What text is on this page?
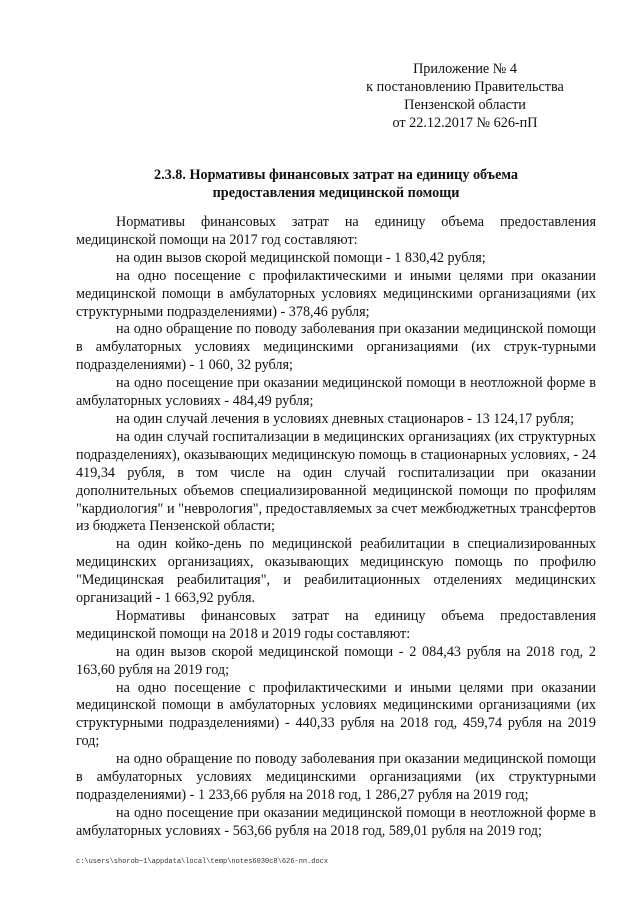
Приложение № 4
к постановлению Правительства
Пензенской области
от 22.12.2017 № 626-пП
2.3.8. Нормативы финансовых затрат на единицу объема
предоставления медицинской помощи

Нормативы финансовых затрат на единицу объема предоставления медицинской помощи на 2017 год составляют:

на один вызов скорой медицинской помощи - 1 830,42 рубля;

на одно посещение с профилактическими и иными целями при оказании медицинской помощи в амбулаторных условиях медицинскими организациями (их структурными подразделениями) - 378,46 рубля;

на одно обращение по поводу заболевания при оказании медицинской помощи в амбулаторных условиях медицинскими организациями (их струк-турными подразделениями) - 1 060, 32 рубля;

на одно посещение при оказании медицинской помощи в неотложной форме в амбулаторных условиях - 484,49 рубля;

на один случай лечения в условиях дневных стационаров - 13 124,17 рубля;

на один случай госпитализации в медицинских организациях (их структурных подразделениях), оказывающих медицинскую помощь в стационарных условиях, - 24 419,34 рубля, в том числе на один случай госпитализации при оказании дополнительных объемов специализированной медицинской помощи по профилям "кардиология" и "неврология", предоставляемых за счет межбюджетных трансфертов из бюджета Пензенской области;

на один койко-день по медицинской реабилитации в специализированных медицинских организациях, оказывающих медицинскую помощь по профилю "Медицинская реабилитация", и реабилитационных отделениях медицинских организаций - 1 663,92 рубля.

Нормативы финансовых затрат на единицу объема предоставления медицинской помощи на 2018 и 2019 годы составляют:

на один вызов скорой медицинской помощи - 2 084,43 рубля на 2018 год, 2 163,60 рубля на 2019 год;

на одно посещение с профилактическими и иными целями при оказании медицинской помощи в амбулаторных условиях медицинскими организациями (их структурными подразделениями) - 440,33 рубля на 2018 год, 459,74 рубля на 2019 год;

на одно обращение по поводу заболевания при оказании медицинской помощи в амбулаторных условиях медицинскими организациями (их структурными подразделениями) - 1 233,66 рубля на 2018 год, 1 286,27 рубля на 2019 год;

на одно посещение при оказании медицинской помощи в неотложной форме в амбулаторных условиях - 563,66 рубля на 2018 год, 589,01 рубля на 2019 год;

c:\users\shorob~1\appdata\local\temp\notes6030c8\626-пп.docx
